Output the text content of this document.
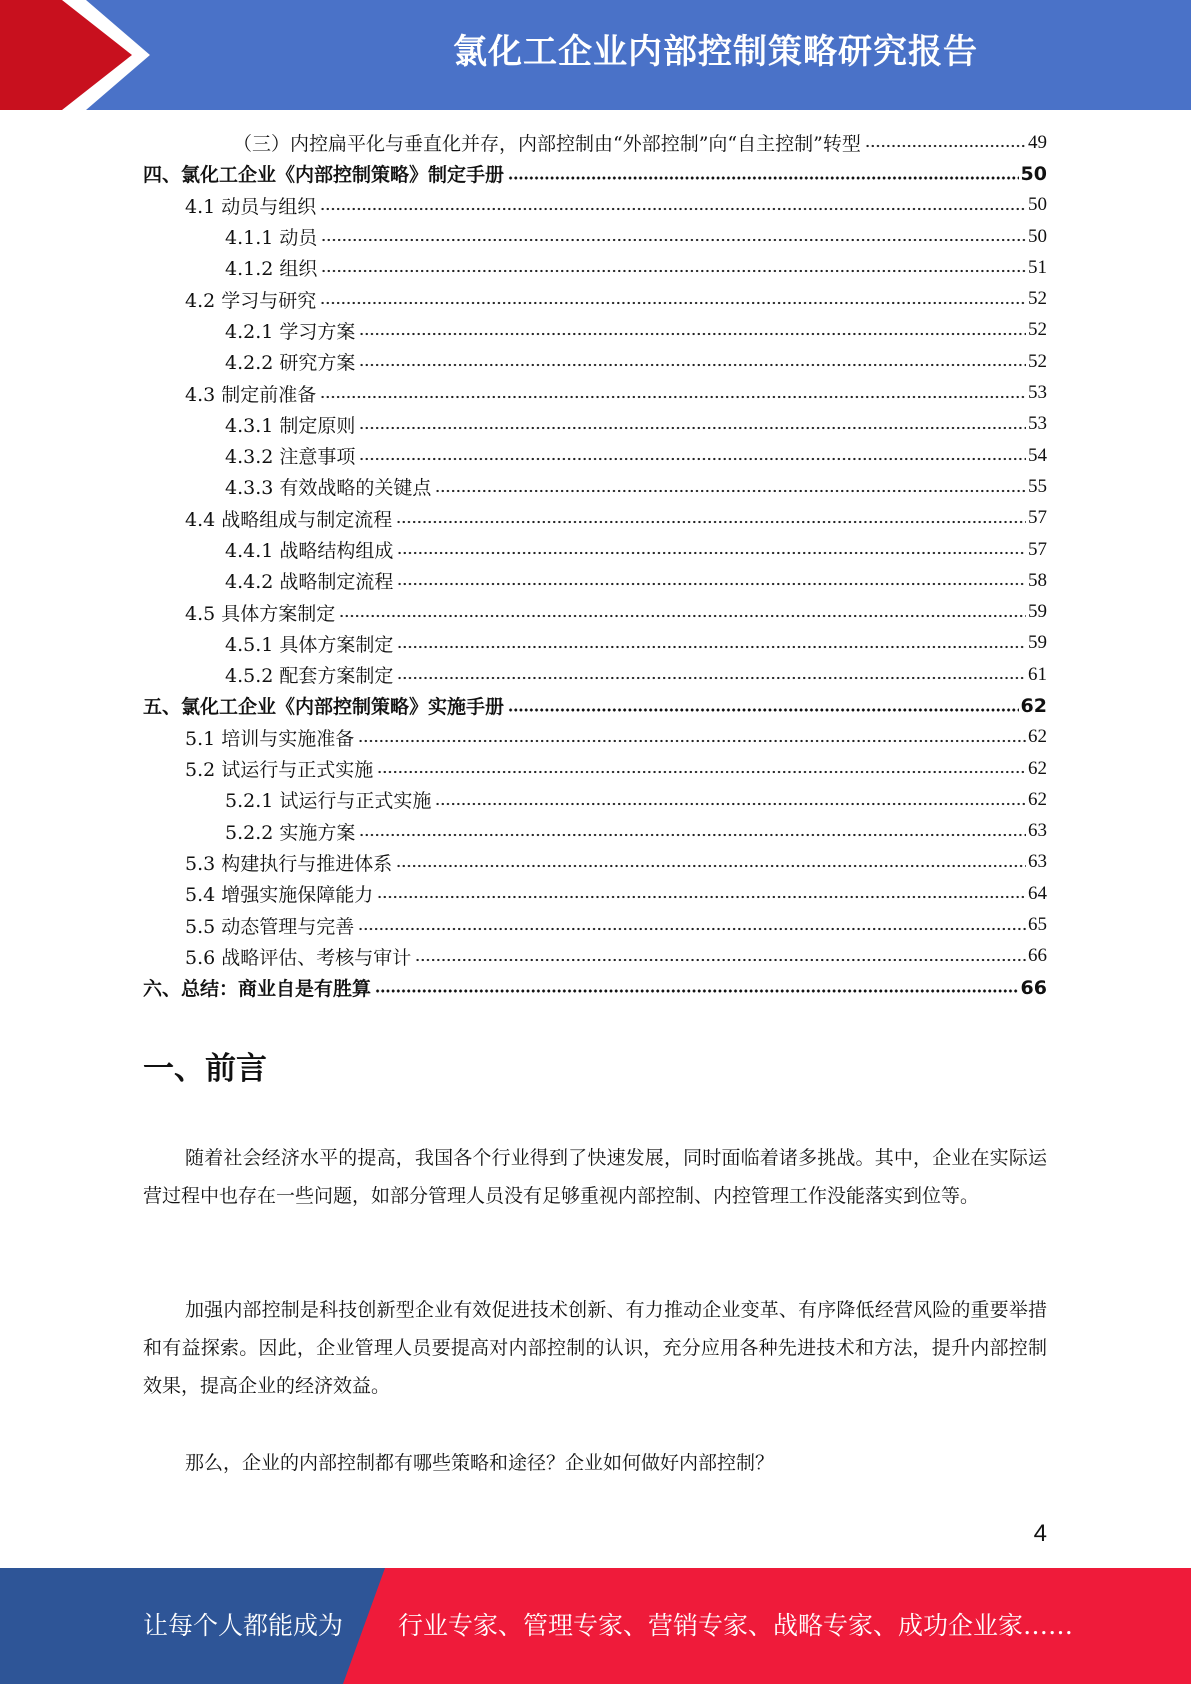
氯化工企业内部控制策略研究报告
（三）内控扁平化与垂直化并存，内部控制由“外部控制”向“自主控制”转型	49
四、氯化工企业《内部控制策略》制定手册	50
4.1 动员与组织	50
4.1.1 动员	50
4.1.2 组织	51
4.2 学习与研究	52
4.2.1 学习方案	52
4.2.2 研究方案	52
4.3 制定前准备	53
4.3.1 制定原则	53
4.3.2 注意事项	54
4.3.3 有效战略的关键点	55
4.4 战略组成与制定流程	57
4.4.1 战略结构组成	57
4.4.2 战略制定流程	58
4.5 具体方案制定	59
4.5.1 具体方案制定	59
4.5.2 配套方案制定	61
五、氯化工企业《内部控制策略》实施手册	62
5.1 培训与实施准备	62
5.2 试运行与正式实施	62
5.2.1 试运行与正式实施	62
5.2.2 实施方案	63
5.3 构建执行与推进体系	63
5.4 增强实施保障能力	64
5.5 动态管理与完善	65
5.6 战略评估、考核与审计	66
六、总结：商业自是有胜算	66
一、前言
随着社会经济水平的提高，我国各个行业得到了快速发展，同时面临着诸多挑战。其中，企业在实际运营过程中也存在一些问题，如部分管理人员没有足够重视内部控制、内控管理工作没能落实到位等。
加强内部控制是科技创新型企业有效促进技术创新、有力推动企业变革、有序降低经营风险的重要举措和有益探索。因此，企业管理人员要提高对内部控制的认识，充分应用各种先进技术和方法，提升内部控制效果，提高企业的经济效益。
那么，企业的内部控制都有哪些策略和途径？企业如何做好内部控制？
4
让每个人都能成为 行业专家、管理专家、营销专家、战略专家、成功企业家……
